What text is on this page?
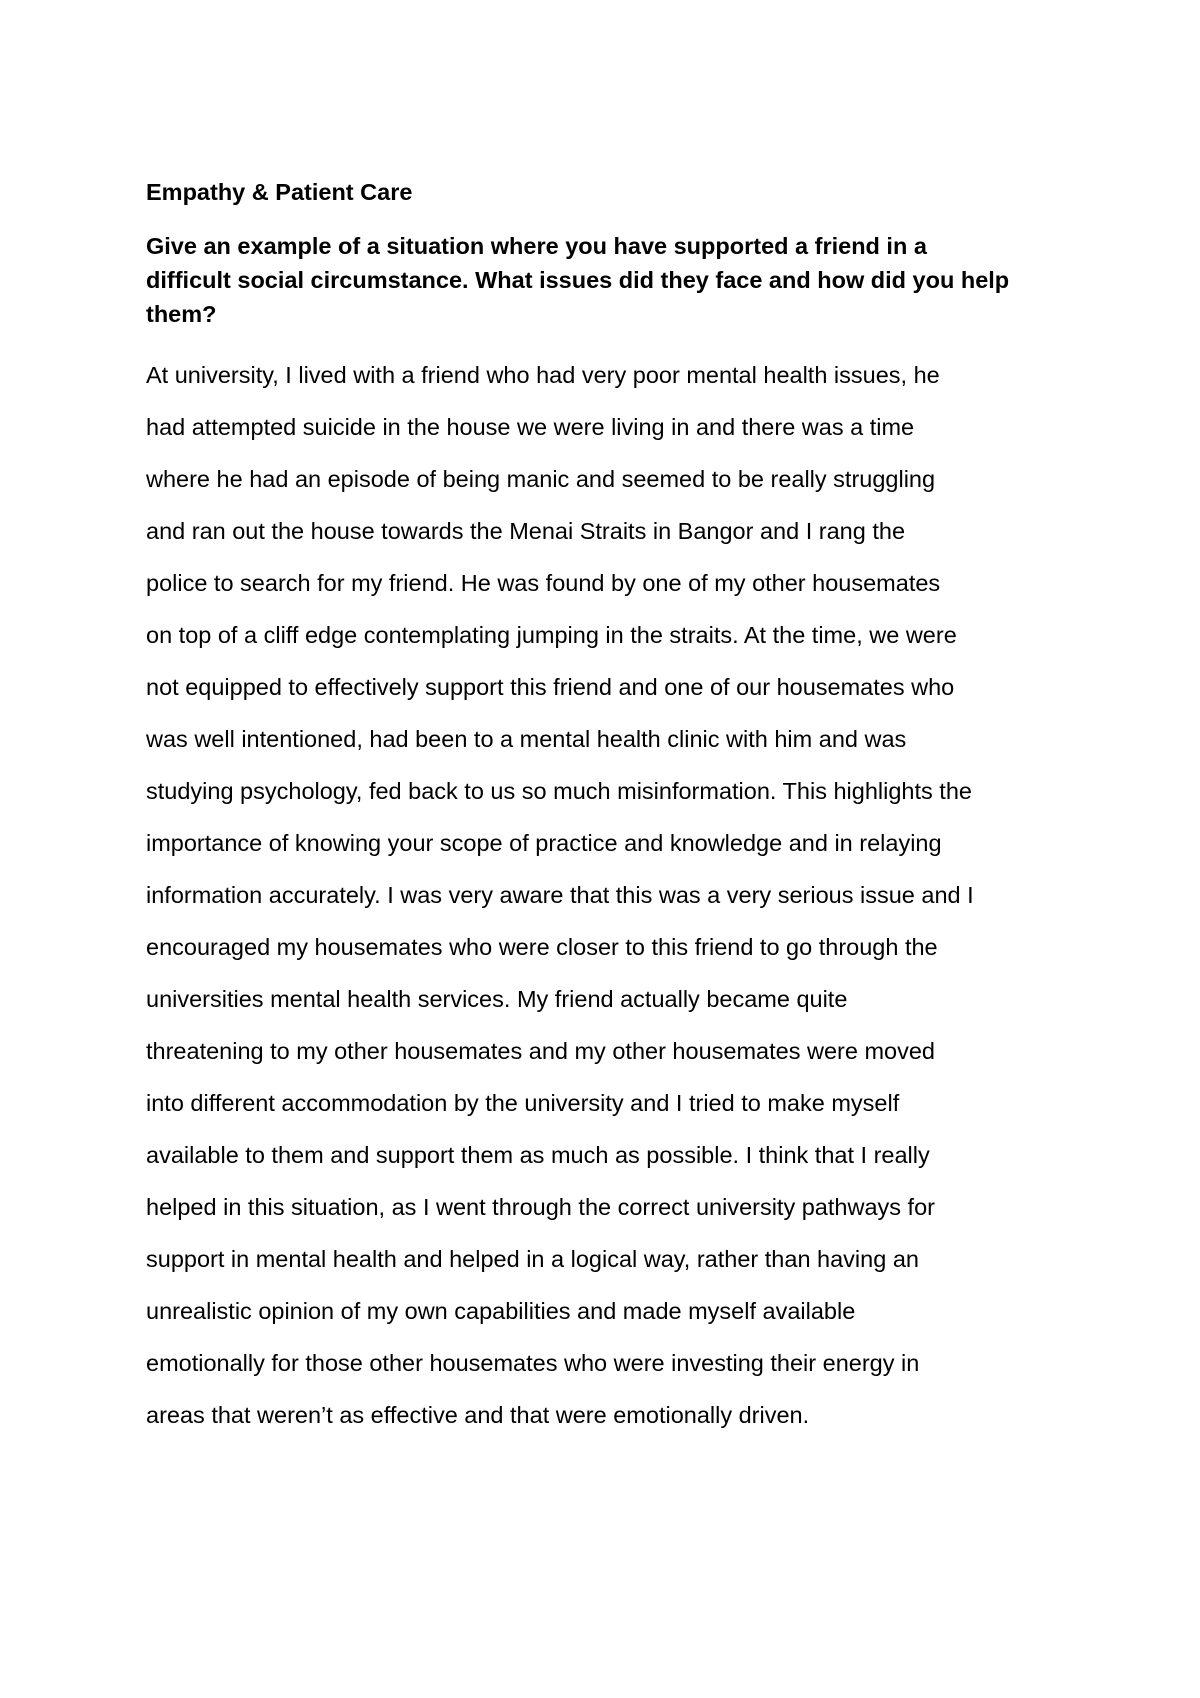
Empathy & Patient Care
Give an example of a situation where you have supported a friend in a
difficult social circumstance. What issues did they face and how did you help
them?
At university, I lived with a friend who had very poor mental health issues, he
had attempted suicide in the house we were living in and there was a time
where he had an episode of being manic and seemed to be really struggling
and ran out the house towards the Menai Straits in Bangor and I rang the
police to search for my friend. He was found by one of my other housemates
on top of a cliff edge contemplating jumping in the straits. At the time, we were
not equipped to effectively support this friend and one of our housemates who
was well intentioned, had been to a mental health clinic with him and was
studying psychology, fed back to us so much misinformation. This highlights the
importance of knowing your scope of practice and knowledge and in relaying
information accurately. I was very aware that this was a very serious issue and I
encouraged my housemates who were closer to this friend to go through the
universities mental health services. My friend actually became quite
threatening to my other housemates and my other housemates were moved
into different accommodation by the university and I tried to make myself
available to them and support them as much as possible. I think that I really
helped in this situation, as I went through the correct university pathways for
support in mental health and helped in a logical way, rather than having an
unrealistic opinion of my own capabilities and made myself available
emotionally for those other housemates who were investing their energy in
areas that weren’t as effective and that were emotionally driven.
